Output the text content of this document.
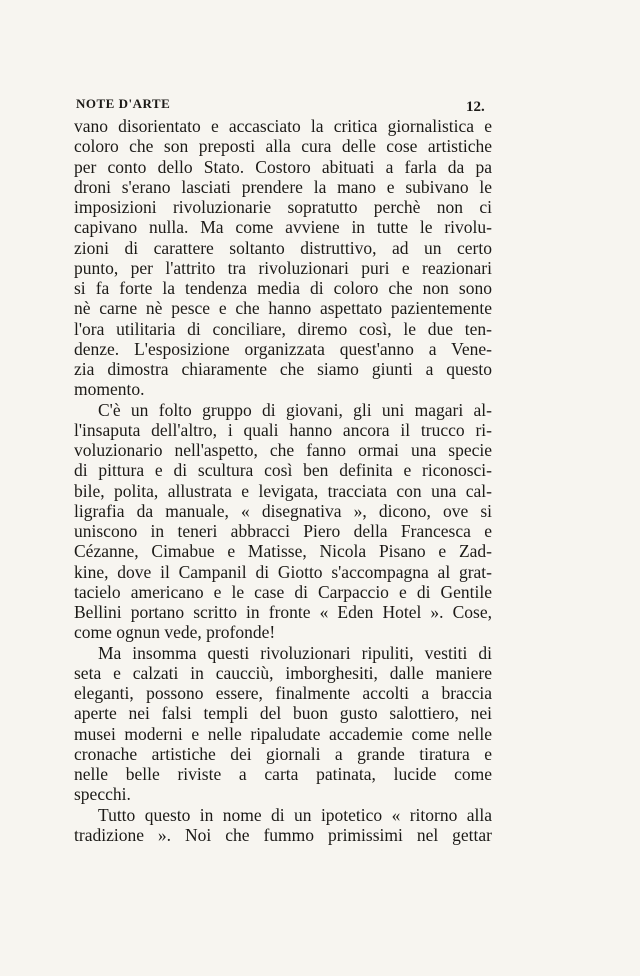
NOTE D'ARTE	12.
vano disorientato e accasciato la critica giornalistica e
coloro che son preposti alla cura delle cose artistiche
per conto dello Stato. Costoro abituati a farla da pa
droni s'erano lasciati prendere la mano e subivano le
imposizioni rivoluzionarie sopratutto perchè non ci
capivano nulla. Ma come avviene in tutte le rivolu-
zioni di carattere soltanto distruttivo, ad un certo
punto, per l'attrito tra rivoluzionari puri e reazionari
si fa forte la tendenza media di coloro che non sono
nè carne nè pesce e che hanno aspettato pazientemente
l'ora utilitaria di conciliare, diremo così, le due ten-
denze. L'esposizione organizzata quest'anno a Vene-
zia dimostra chiaramente che siamo giunti a questo
momento.
C'è un folto gruppo di giovani, gli uni magari al-
l'insaputa dell'altro, i quali hanno ancora il trucco ri-
voluzionario nell'aspetto, che fanno ormai una specie
di pittura e di scultura così ben definita e riconosci-
bile, polita, allustrata e levigata, tracciata con una cal-
ligrafia da manuale, « disegnativa », dicono, ove si
uniscono in teneri abbracci Piero della Francesca e
Cézanne, Cimabue e Matisse, Nicola Pisano e Zad-
kine, dove il Campanil di Giotto s'accompagna al grat-
tacielo americano e le case di Carpaccio e di Gentile
Bellini portano scritto in fronte « Eden Hotel ». Cose,
come ognun vede, profonde!
Ma insomma questi rivoluzionari ripuliti, vestiti di
seta e calzati in caucciù, imborghesiti, dalle maniere
eleganti, possono essere, finalmente accolti a braccia
aperte nei falsi templi del buon gusto salottiero, nei
musei moderni e nelle ripaludate accademie come nelle
cronache artistiche dei giornali a grande tiratura e
nelle belle riviste a carta patinata, lucide come
specchi.
Tutto questo in nome di un ipotetico « ritorno alla
tradizione ». Noi che fummo primissimi nel gettar
